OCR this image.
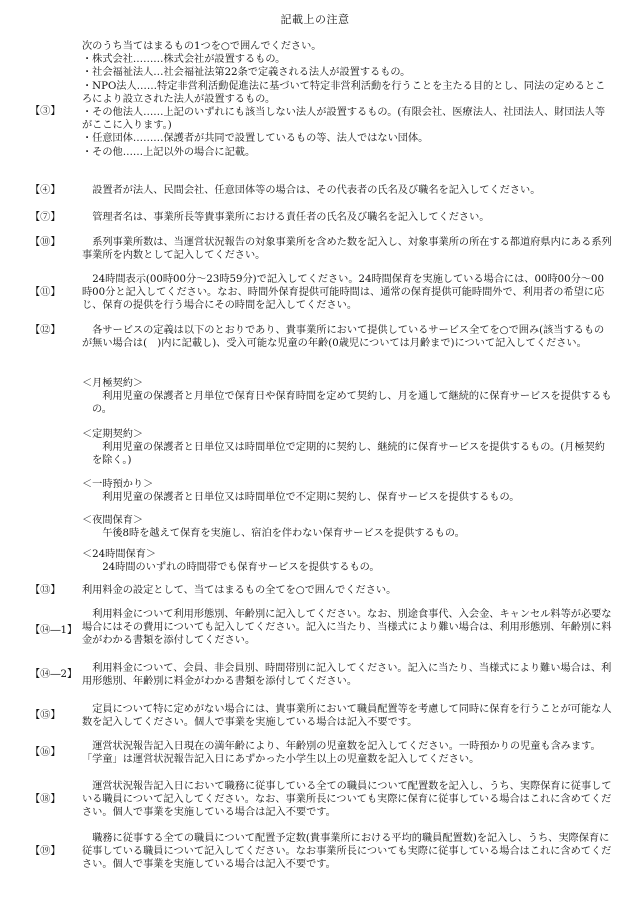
記載上の注意
【③】

次のうち当てはまるもの1つを○で囲んでください。

・株式会社………株式会社が設置するもの。

・社会福祉法人…社会福祉法第22条で定義される法人が設置するもの。

・NPO法人……特定非営利活動促進法に基づいて特定非営利活動を行うことを主たる目的とし、同法の定めるところにより設立された法人が設置するもの。

・その他法人……上記のいずれにも該当しない法人が設置するもの。(有限会社、医療法人、社団法人、財団法人等がここに入ります。)

・任意団体………保護者が共同で設置しているもの等、法人ではない団体。

・その他……上記以外の場合に記載。

【④】	設置者が法人、民間会社、任意団体等の場合は、その代表者の氏名及び職名を記入してください。

【⑦】	管理者名は、事業所長等貴事業所における責任者の氏名及び職名を記入してください。

【⑩】	系列事業所数は、当運営状況報告の対象事業所を含めた数を記入し、対象事業所の所在する都道府県内にある系列事業所を内数として記入してください。

【⑪】

24時間表示(00時00分～23時59分)で記入してください。24時間保育を実施している場合には、00時00分～00時00分と記入してください。なお、時間外保育提供可能時間は、通常の保育提供可能時間外で、利用者の希望に応じ、保育の提供を行う場合にその時間を記入してください。

【⑫】	各サービスの定義は以下のとおりであり、貴事業所において提供しているサービス全てを○で囲み(該当するものが無い場合は(　)内に記載し)、受入可能な児童の年齢(0歳児については月齢まで)について記入してください。

＜月極契約＞

利用児童の保護者と月単位で保育日や保育時間を定めて契約し、月を通して継続的に保育サービスを提供するもの。

＜定期契約＞

利用児童の保護者と日単位又は時間単位で定期的に契約し、継続的に保育サービスを提供するもの。(月極契約を除く。)

＜一時預かり＞

利用児童の保護者と日単位又は時間単位で不定期に契約し、保育サービスを提供するもの。

＜夜間保育＞

午後8時を越えて保育を実施し、宿泊を伴わない保育サービスを提供するもの。

＜24時間保育＞

24時間のいずれの時間帯でも保育サービスを提供するもの。

【⑬】	利用料金の設定として、当てはまるもの全てを○で囲んでください。

【⑭―1】

利用料金について利用形態別、年齢別に記入してください。なお、別途食事代、入会金、キャンセル料等が必要な場合にはその費用についても記入してください。記入に当たり、当様式により難い場合は、利用形態別、年齢別に料金がわかる書類を添付してください。

【⑭―2】

利用料金について、会員、非会員別、時間帯別に記入してください。記入に当たり、当様式により難い場合は、利用形態別、年齢別に料金がわかる書類を添付してください。

【⑮】

定員について特に定めがない場合には、貴事業所において職員配置等を考慮して同時に保育を行うことが可能な人数を記入してください。個人で事業を実施している場合は記入不要です。

【⑯】

運営状況報告記入日現在の満年齢により、年齢別の児童数を記入してください。一時預かりの児童も含みます。「学童」は運営状況報告記入日にあずかった小学生以上の児童数を記入してください。

【⑱】

運営状況報告記入日において職務に従事している全ての職員について配置数を記入し、うち、実際保育に従事している職員について記入してください。なお、事業所長についても実際に保育に従事している場合はこれに含めてください。個人で事業を実施している場合は記入不要です。

【⑲】

職務に従事する全ての職員について配置予定数(貴事業所における平均的職員配置数)を記入し、うち、実際保育に従事している職員について記入してください。なお事業所長についても実際に従事している場合はこれに含めてください。個人で事業を実施している場合は記入不要です。
